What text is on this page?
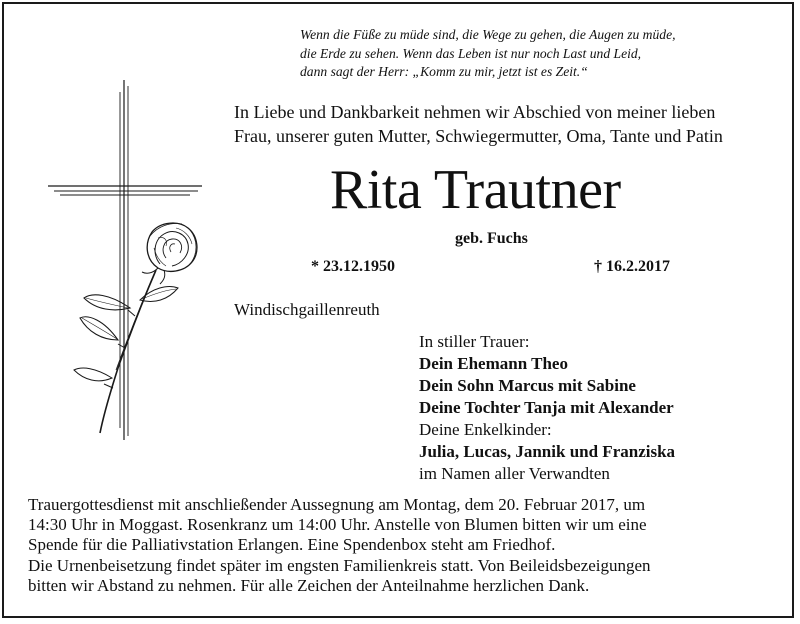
Wenn die Füße zu müde sind, die Wege zu gehen, die Augen zu müde,
die Erde zu sehen. Wenn das Leben ist nur noch Last und Leid,
dann sagt der Herr: „Komm zu mir, jetzt ist es Zeit.“
In Liebe und Dankbarkeit nehmen wir Abschied von meiner lieben
Frau, unserer guten Mutter, Schwiegermutter, Oma, Tante und Patin
Rita Trautner
geb. Fuchs
* 23.12.1950	† 16.2.2017
Windischgaillenreuth
In stiller Trauer:
Dein Ehemann Theo
Dein Sohn Marcus mit Sabine
Deine Tochter Tanja mit Alexander
Deine Enkelkinder:
Julia, Lucas, Jannik und Franziska
im Namen aller Verwandten
Trauergottesdienst mit anschließender Aussegnung am Montag, dem 20. Februar 2017, um
14:30 Uhr in Moggast. Rosenkranz um 14:00 Uhr. Anstelle von Blumen bitten wir um eine
Spende für die Palliativstation Erlangen. Eine Spendenbox steht am Friedhof.
Die Urnenbeisetzung findet später im engsten Familienkreis statt. Von Beileidsbezeigungen
bitten wir Abstand zu nehmen. Für alle Zeichen der Anteilnahme herzlichen Dank.
